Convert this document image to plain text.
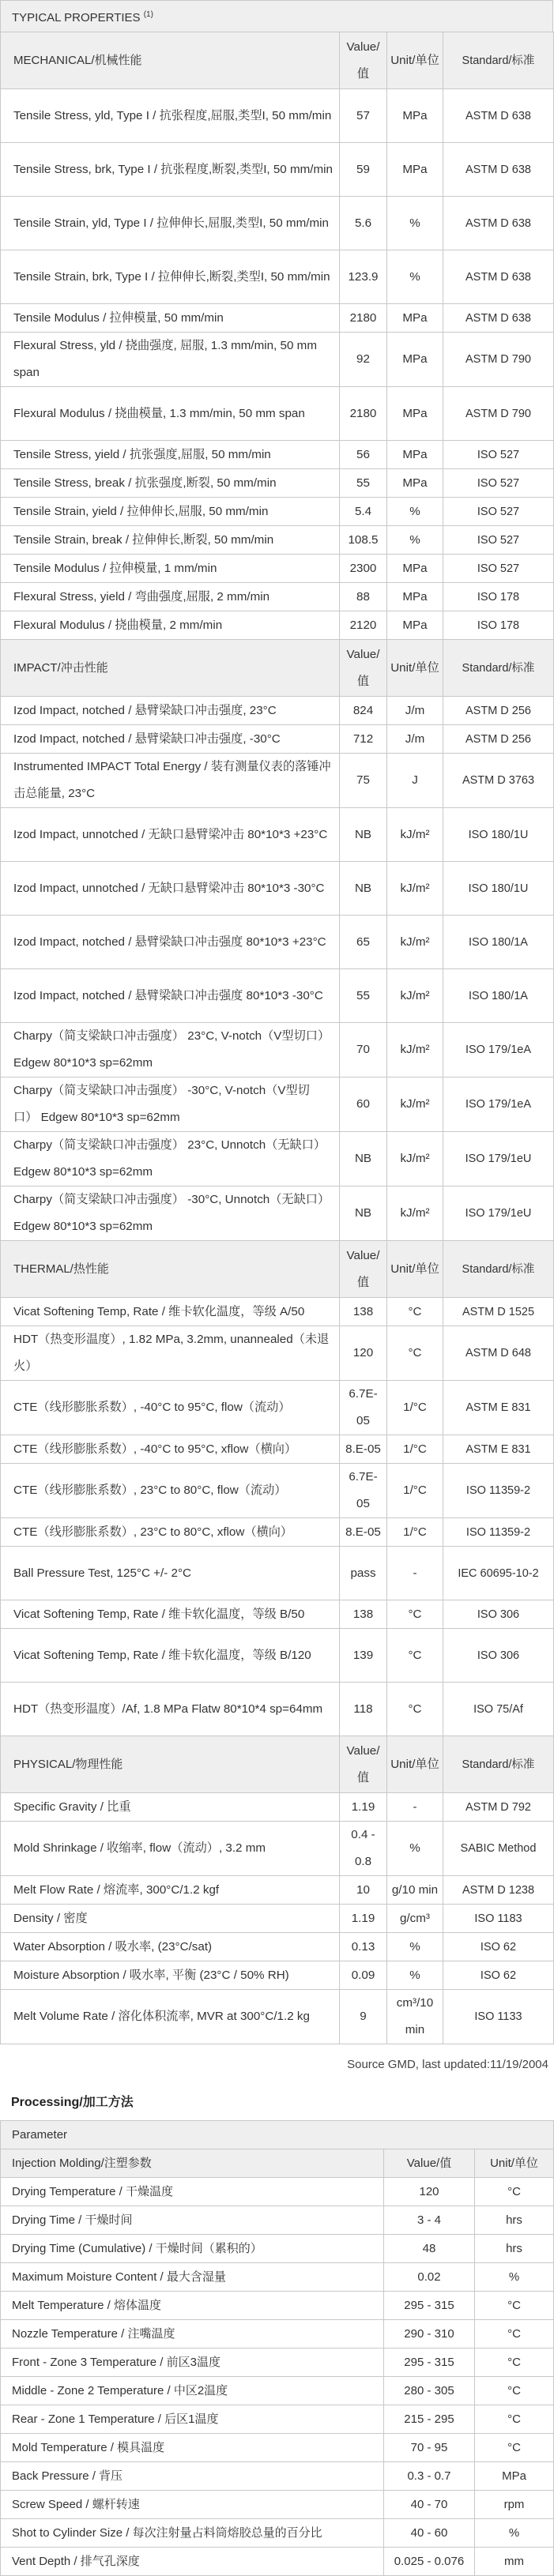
TYPICAL PROPERTIES $^{(1)}$
MECHANICAL/机械性能	Value/值	Unit/单位	Standard/标准
Tensile Stress, yld, Type I / 抗张程度,屈服,类型I, 50 mm/min	57	MPa	ASTM D 638
Tensile Stress, brk, Type I / 抗张程度,断裂,类型I, 50 mm/min	59	MPa	ASTM D 638
Tensile Strain, yld, Type I / 拉伸伸长,屈服,类型I, 50 mm/min	5.6	%	ASTM D 638
Tensile Strain, brk, Type I / 拉伸伸长,断裂,类型I, 50 mm/min	123.9	%	ASTM D 638
Tensile Modulus / 拉伸模量, 50 mm/min	2180	MPa	ASTM D 638
Flexural Stress, yld / 挠曲强度, 屈服, 1.3 mm/min, 50 mm span	92	MPa	ASTM D 790
Flexural Modulus / 挠曲模量, 1.3 mm/min, 50 mm span	2180	MPa	ASTM D 790
Tensile Stress, yield / 抗张强度,屈服, 50 mm/min	56	MPa	ISO 527
Tensile Stress, break / 抗张强度,断裂, 50 mm/min	55	MPa	ISO 527
Tensile Strain, yield / 拉伸伸长,屈服, 50 mm/min	5.4	%	ISO 527
Tensile Strain, break / 拉伸伸长,断裂, 50 mm/min	108.5	%	ISO 527
Tensile Modulus / 拉伸模量, 1 mm/min	2300	MPa	ISO 527
Flexural Stress, yield / 弯曲强度,屈服, 2 mm/min	88	MPa	ISO 178
Flexural Modulus / 挠曲模量, 2 mm/min	2120	MPa	ISO 178
IMPACT/冲击性能	Value/值	Unit/单位	Standard/标准
Izod Impact, notched / 悬臂梁缺口冲击强度, 23°C	824	J/m	ASTM D 256
Izod Impact, notched / 悬臂梁缺口冲击强度, -30°C	712	J/m	ASTM D 256
Instrumented IMPACT Total Energy / 装有测量仪表的落锤冲击总能量, 23°C	75	J	ASTM D 3763
Izod Impact, unnotched / 无缺口悬臂梁冲击 80*10*3 +23°C	NB	kJ/m²	ISO 180/1U
Izod Impact, unnotched / 无缺口悬臂梁冲击 80*10*3 -30°C	NB	kJ/m²	ISO 180/1U
Izod Impact, notched / 悬臂梁缺口冲击强度 80*10*3 +23°C	65	kJ/m²	ISO 180/1A
Izod Impact, notched / 悬臂梁缺口冲击强度 80*10*3 -30°C	55	kJ/m²	ISO 180/1A
Charpy（简支梁缺口冲击强度） 23°C, V-notch（V型切口） Edgew 80*10*3 sp=62mm	70	kJ/m²	ISO 179/1eA
Charpy（简支梁缺口冲击强度） -30°C, V-notch（V型切口） Edgew 80*10*3 sp=62mm	60	kJ/m²	ISO 179/1eA
Charpy（简支梁缺口冲击强度） 23°C, Unnotch（无缺口） Edgew 80*10*3 sp=62mm	NB	kJ/m²	ISO 179/1eU
Charpy（简支梁缺口冲击强度） -30°C, Unnotch（无缺口） Edgew 80*10*3 sp=62mm	NB	kJ/m²	ISO 179/1eU
THERMAL/热性能	Value/值	Unit/单位	Standard/标准
Vicat Softening Temp, Rate / 维卡软化温度，等级 A/50	138	°C	ASTM D 1525
HDT（热变形温度）, 1.82 MPa, 3.2mm, unannealed（未退火）	120	°C	ASTM D 648
CTE（线形膨胀系数）, -40°C to 95°C, flow（流动）	6.7E-05	1/°C	ASTM E 831
CTE（线形膨胀系数）, -40°C to 95°C, xflow（横向）	8.E-05	1/°C	ASTM E 831
CTE（线形膨胀系数）, 23°C to 80°C, flow（流动）	6.7E-05	1/°C	ISO 11359-2
CTE（线形膨胀系数）, 23°C to 80°C, xflow（横向）	8.E-05	1/°C	ISO 11359-2
Ball Pressure Test, 125°C +/- 2°C	pass	-	IEC 60695-10-2
Vicat Softening Temp, Rate / 维卡软化温度，等级 B/50	138	°C	ISO 306
Vicat Softening Temp, Rate / 维卡软化温度，等级 B/120	139	°C	ISO 306
HDT（热变形温度）/Af, 1.8 MPa Flatw 80*10*4 sp=64mm	118	°C	ISO 75/Af
PHYSICAL/物理性能	Value/值	Unit/单位	Standard/标准
Specific Gravity / 比重	1.19	-	ASTM D 792
Mold Shrinkage / 收缩率, flow（流动）, 3.2 mm	0.4 - 0.8	%	SABIC Method
Melt Flow Rate / 熔流率, 300°C/1.2 kgf	10	g/10 min	ASTM D 1238
Density / 密度	1.19	g/cm³	ISO 1183
Water Absorption / 吸水率, (23°C/sat)	0.13	%	ISO 62
Moisture Absorption / 吸水率, 平衡 (23°C / 50% RH)	0.09	%	ISO 62
Melt Volume Rate / 溶化体积流率, MVR at 300°C/1.2 kg	9	cm³/10 min	ISO 1133
Source GMD, last updated:11/19/2004
Processing/加工方法
Parameter		
Injection Molding/注塑参数	Value/值	Unit/单位
Drying Temperature / 干燥温度	120	°C
Drying Time / 干燥时间	3 - 4	hrs
Drying Time (Cumulative) / 干燥时间（累积的）	48	hrs
Maximum Moisture Content / 最大含湿量	0.02	%
Melt Temperature / 熔体温度	295 - 315	°C
Nozzle Temperature / 注嘴温度	290 - 310	°C
Front - Zone 3 Temperature / 前区3温度	295 - 315	°C
Middle - Zone 2 Temperature / 中区2温度	280 - 305	°C
Rear - Zone 1 Temperature / 后区1温度	215 - 295	°C
Mold Temperature / 模具温度	70 - 95	°C
Back Pressure / 背压	0.3 - 0.7	MPa
Screw Speed / 螺杆转速	40 - 70	rpm
Shot to Cylinder Size / 每次注射量占料筒熔胶总量的百分比	40 - 60	%
Vent Depth / 排气孔深度	0.025 - 0.076	mm
